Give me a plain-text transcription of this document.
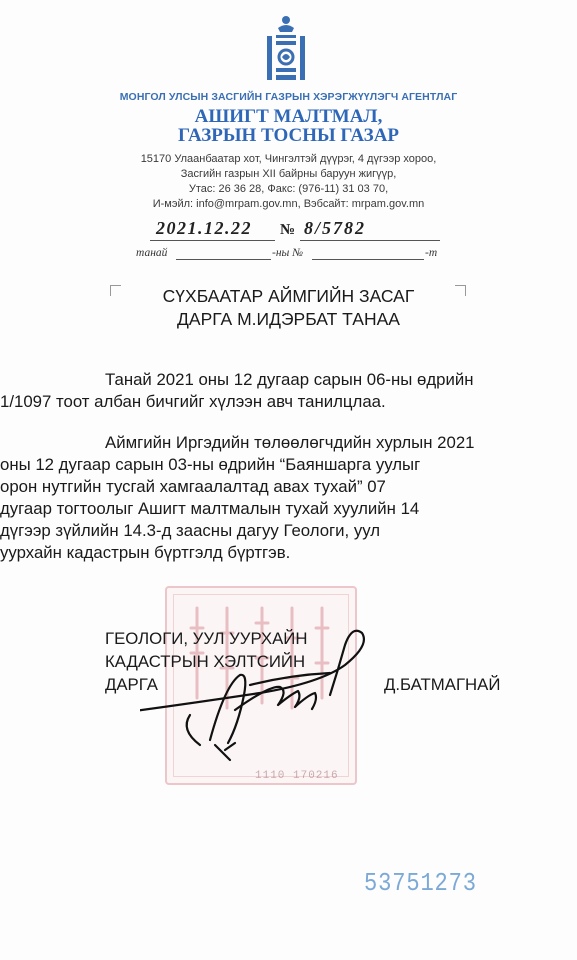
МОНГОЛ УЛСЫН ЗАСГИЙН ГАЗРЫН ХЭРЭГЖҮҮЛЭГЧ АГЕНТЛАГ
АШИГТ МАЛТМАЛ,
ГАЗРЫН ТОСНЫ ГАЗАР
15170 Улаанбаатар хот, Чингэлтэй дүүрэг, 4 дүгээр хороо,
Засгийн газрын XII байрны баруун жигүүр,
Утас: 26 36 28, Факс: (976-11) 31 03 70,
И-мэйл: info@mrpam.gov.mn, Вэбсайт: mrpam.gov.mn
2021.12.22 № 8/5782
танай	-ны №	-т
СҮХБААТАР АЙМГИЙН ЗАСАГ
ДАРГА М.ИДЭРБАТ ТАНАА
Танай 2021 оны 12 дугаар сарын 06-ны өдрийн
1/1097 тоот албан бичгийг хүлээн авч танилцлаа.
Аймгийн Иргэдийн төлөөлөгчдийн хурлын 2021
оны 12 дугаар сарын 03-ны өдрийн “Баяншарга уулыг
орон нутгийн тусгай хамгаалалтад авах тухай” 07
дугаар тогтоолыг Ашигт малтмалын тухай хуулийн 14
дүгээр зүйлийн 14.3-д заасны дагуу Геологи, уул
уурхайн кадастрын бүртгэлд бүртгэв.
ГЕОЛОГИ, УУЛ УУРХАЙН
КАДАСТРЫН ХЭЛТСИЙН
ДАРГА	Д.БАТМАГНАЙ
1110 170216
53751273
